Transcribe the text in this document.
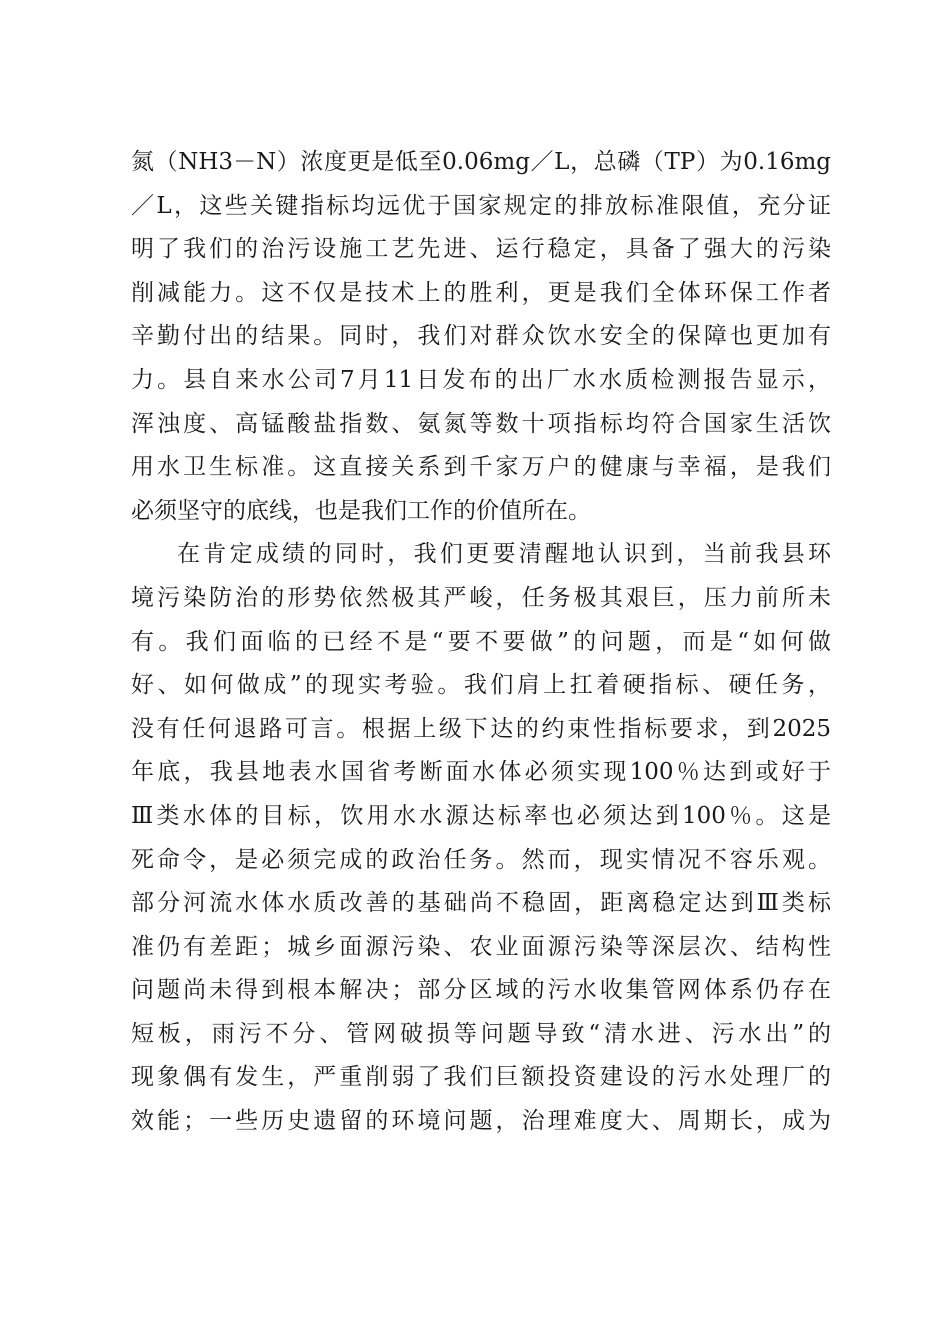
氮（NH3－N）浓度更是低至0.06mg／L，总磷（TP）为0.16mg
／L，这些关键指标均远优于国家规定的排放标准限值，充分证
明了我们的治污设施工艺先进、运行稳定，具备了强大的污染
削减能力。这不仅是技术上的胜利，更是我们全体环保工作者
辛勤付出的结果。同时，我们对群众饮水安全的保障也更加有
力。县自来水公司7月11日发布的出厂水水质检测报告显示，
浑浊度、高锰酸盐指数、氨氮等数十项指标均符合国家生活饮
用水卫生标准。这直接关系到千家万户的健康与幸福，是我们
必须坚守的底线，也是我们工作的价值所在。
在肯定成绩的同时，我们更要清醒地认识到，当前我县环
境污染防治的形势依然极其严峻，任务极其艰巨，压力前所未
有。我们面临的已经不是“要不要做”的问题，而是“如何做
好、如何做成”的现实考验。我们肩上扛着硬指标、硬任务，
没有任何退路可言。根据上级下达的约束性指标要求，到2025
年底，我县地表水国省考断面水体必须实现100％达到或好于
Ⅲ类水体的目标，饮用水水源达标率也必须达到100％。这是
死命令，是必须完成的政治任务。然而，现实情况不容乐观。
部分河流水体水质改善的基础尚不稳固，距离稳定达到Ⅲ类标
准仍有差距；城乡面源污染、农业面源污染等深层次、结构性
问题尚未得到根本解决；部分区域的污水收集管网体系仍存在
短板，雨污不分、管网破损等问题导致“清水进、污水出”的
现象偶有发生，严重削弱了我们巨额投资建设的污水处理厂的
效能；一些历史遗留的环境问题，治理难度大、周期长，成为
